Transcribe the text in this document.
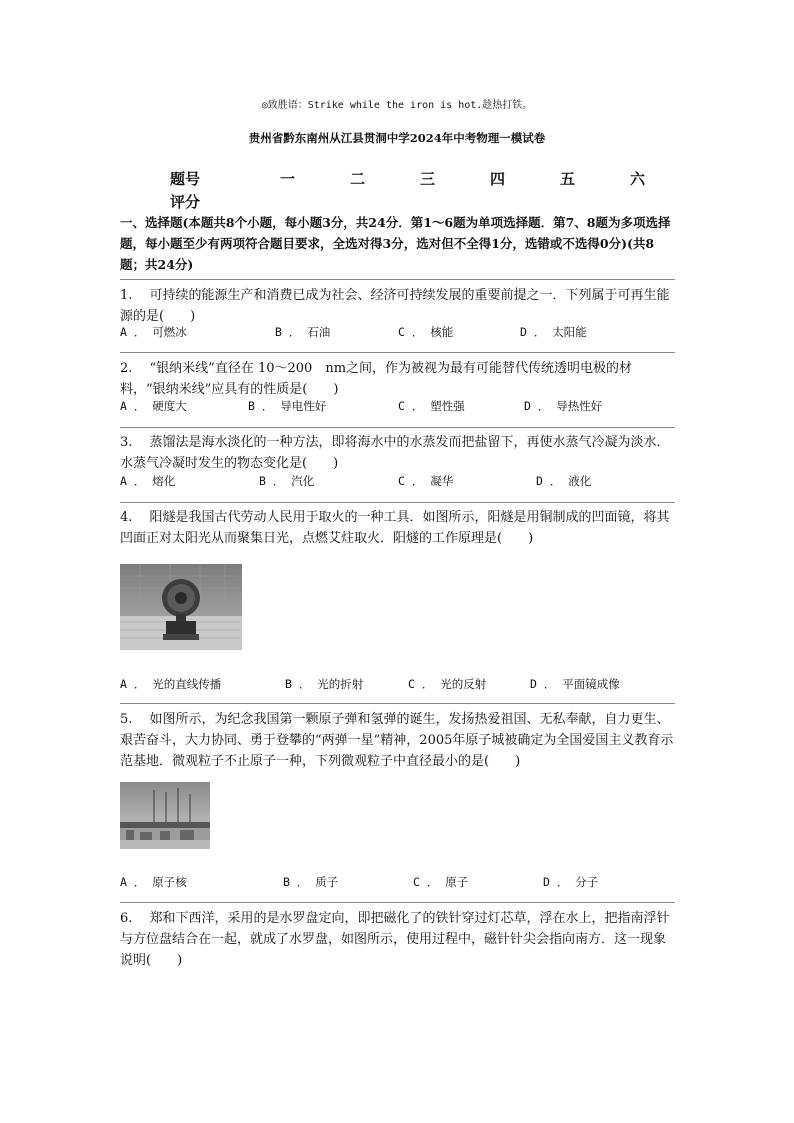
◎致胜语：Strike while the iron is hot.趁热打铁。
贵州省黔东南州从江县贯洞中学2024年中考物理一模试卷
题号	一	二	三	四	五	六
评分
一、选择题(本题共8个小题，每小题3分，共24分．第1～6题为单项选择题．第7、8题为多项选择题，每小题至少有两项符合题目要求，全选对得3分，选对但不全得1分，选错或不选得0分)(共8题；共24分)
1.　 可持续的能源生产和消费已成为社会、经济可持续发展的重要前提之一．下列属于可再生能源的是(　　)
A ． 可燃冰	B ． 石油	C ． 核能	D ． 太阳能
2.　 “银纳米线”直径在 10～200　nm之间，作为被视为最有可能替代传统透明电极的材料，“银纳米线”应具有的性质是(　　)
A ． 硬度大	B ． 导电性好	C ． 塑性强	D ． 导热性好
3.　 蒸馏法是海水淡化的一种方法，即将海水中的水蒸发而把盐留下，再使水蒸气冷凝为淡水．水蒸气冷凝时发生的物态变化是(　　)
A ． 熔化	B ． 汽化	C ． 凝华	D ． 液化
4.　 阳燧是我国古代劳动人民用于取火的一种工具．如图所示，阳燧是用铜制成的凹面镜，将其凹面正对太阳光从而聚集日光，点燃艾炷取火．阳燧的工作原理是(　　)
A ． 光的直线传播	B ． 光的折射	C ． 光的反射	D ． 平面镜成像
5.　 如图所示，为纪念我国第一颗原子弹和氢弹的诞生，发扬热爱祖国、无私奉献，自力更生、艰苦奋斗，大力协同、勇于登攀的“两弹一星”精神，2005年原子城被确定为全国爱国主义教育示范基地．微观粒子不止原子一种，下列微观粒子中直径最小的是(　　)
A ． 原子核	B ． 质子	C ． 原子	D ． 分子
6.　 郑和下西洋，采用的是水罗盘定向，即把磁化了的铁针穿过灯芯草，浮在水上，把指南浮针与方位盘结合在一起，就成了水罗盘，如图所示，使用过程中，磁针针尖会指向南方．这一现象说明(　　)
